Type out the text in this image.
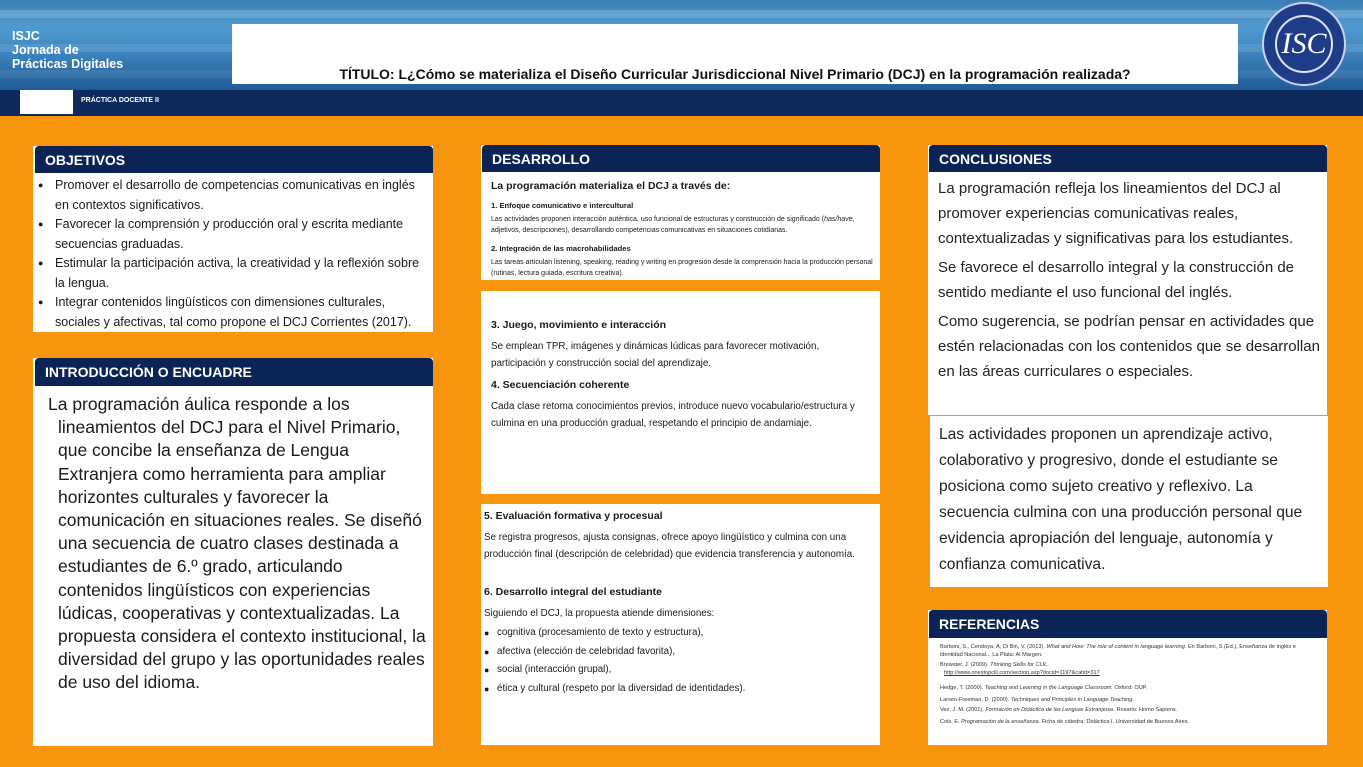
ISJC
Jornada de
Prácticas Digitales
TÍTULO: L¿Cómo se materializa el Diseño Curricular Jurisdiccional Nivel Primario (DCJ) en la programación realizada?
ISC
PRÁCTICA DOCENTE II
OBJETIVOS
● Promover el desarrollo de competencias comunicativas en inglés en contextos significativos.
● Favorecer la comprensión y producción oral y escrita mediante secuencias graduadas.
● Estimular la participación activa, la creatividad y la reflexión sobre la lengua.
● Integrar contenidos lingüísticos con dimensiones culturales, sociales y afectivas, tal como propone el DCJ Corrientes (2017).
INTRODUCCIÓN O ENCUADRE
La programación áulica responde a los lineamientos del DCJ para el Nivel Primario, que concibe la enseñanza de Lengua Extranjera como herramienta para ampliar horizontes culturales y favorecer la comunicación en situaciones reales. Se diseñó una secuencia de cuatro clases destinada a estudiantes de 6.º grado, articulando contenidos lingüísticos con experiencias lúdicas, cooperativas y contextualizadas. La propuesta considera el contexto institucional, la diversidad del grupo y las oportunidades reales de uso del idioma.
DESARROLLO
La programación materializa el DCJ a través de:
1. Enfoque comunicativo e intercultural
Las actividades proponen interacción auténtica, uso funcional de estructuras y construcción de significado (has/have, adjetivos, descripciones), desarrollando competencias comunicativas en situaciones cotidianas.
2. Integración de las macrohabilidades
Las tareas articulan listening, speaking, reading y writing en progresión desde la comprensión hacia la producción personal (rutinas, lectura guiada, escritura creativa).
3. Juego, movimiento e interacción

Se emplean TPR, imágenes y dinámicas lúdicas para favorecer motivación, participación y construcción social del aprendizaje.

4. Secuenciación coherente

Cada clase retoma conocimientos previos, introduce nuevo vocabulario/estructura y culmina en una producción gradual, respetando el principio de andamiaje.

5. Evaluación formativa y procesual

Se registra progresos, ajusta consignas, ofrece apoyo lingüístico y culmina con una producción final (descripción de celebridad) que evidencia transferencia y autonomía.

6. Desarrollo integral del estudiante

Siguiendo el DCJ, la propuesta atiende dimensiones:

● cognitiva (procesamiento de texto y estructura),
● afectiva (elección de celebridad favorita),
● social (interacción grupal),
● ética y cultural (respeto por la diversidad de identidades).
CONCLUSIONES

La programación refleja los lineamientos del DCJ al promover experiencias comunicativas reales, contextualizadas y significativas para los estudiantes.

Se favorece el desarrollo integral y la construcción de sentido mediante el uso funcional del inglés.

Como sugerencia, se podrían pensar en actividades que estén relacionadas con los contenidos que se desarrollan en las áreas curriculares o especiales.

Las actividades proponen un aprendizaje activo, colaborativo y progresivo, donde el estudiante se posiciona como sujeto creativo y reflexivo. La secuencia culmina con una producción personal que evidencia apropiación del lenguaje, autonomía y confianza comunicativa.
REFERENCIAS
Barboni, S., Cendoya, A; Di Bin, V. (2013). What and How: The role of content in language learning. En Barboni, S (Ed.), Enseñanza de inglés e identidad Nacional... La Plata: Al Margen.
Brewster, J. (2009). Thinking Skills for CLIL.
http://www.onestopclil.com/section.asp?docid=1197&catid=317
Hedge, T. (2000). Teaching and Learning in the Language Classroom. Oxford: OUP.
Larsen-Freeman, D. (2000). Techniques and Principles in Language Teaching.
Vez, J. M. (2001). Formación en Didáctica de las Lenguas Extranjeras. Rosario: Homo Sapiens.
Cols, E. Programación de la enseñanza. Ficha de cátedra: Didáctica I. Universidad de Buenos Aires.
